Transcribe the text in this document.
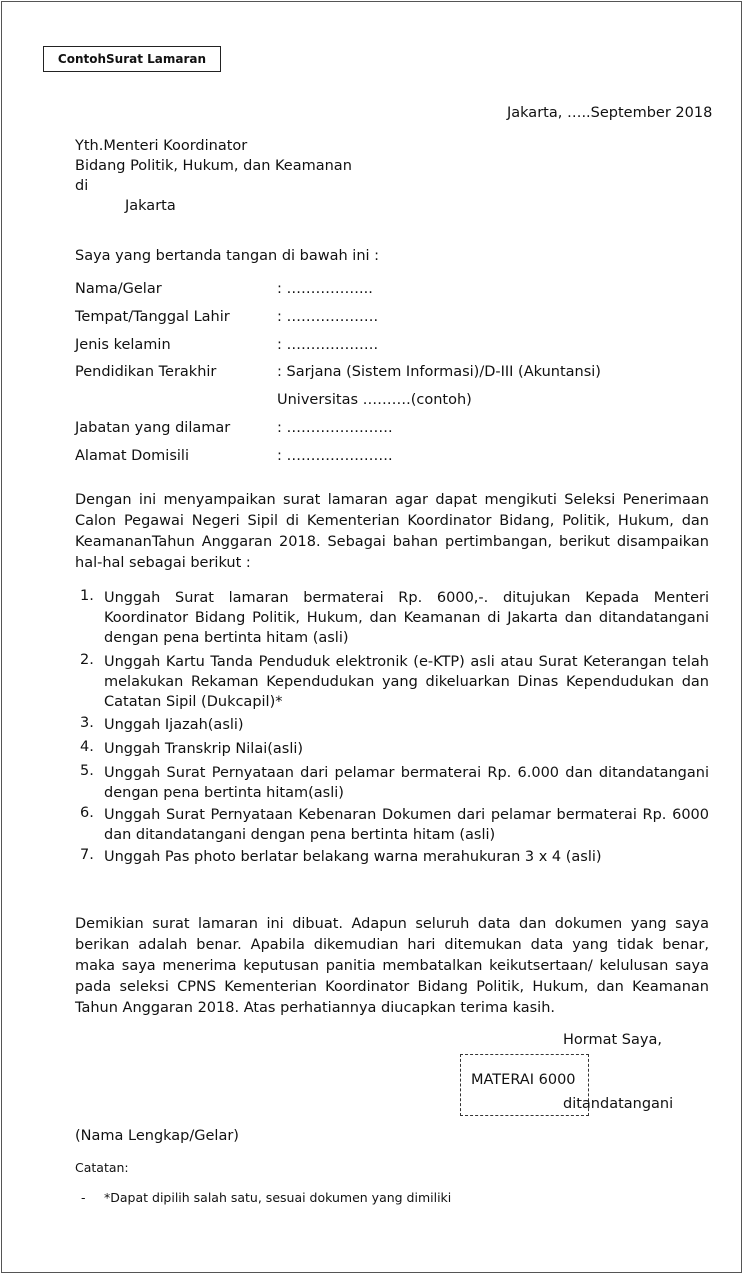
ContohSurat Lamaran
Jakarta, …..September 2018
Yth.Menteri Koordinator
Bidang Politik, Hukum, dan Keamanan
di
Jakarta
Saya yang bertanda tangan di bawah ini :
Nama/Gelar	: ……………...
Tempat/Tanggal Lahir	: ……………….
Jenis kelamin	: ……………….
Pendidikan Terakhir	: Sarjana (Sistem Informasi)/D-III (Akuntansi)
Universitas ……….(contoh)
Jabatan yang dilamar	: ………………….
Alamat Domisili	: ………………….
Dengan ini menyampaikan surat lamaran agar dapat mengikuti Seleksi Penerimaan Calon Pegawai Negeri Sipil di Kementerian Koordinator Bidang, Politik, Hukum, dan KeamananTahun Anggaran 2018. Sebagai bahan pertimbangan, berikut disampaikan hal-hal sebagai berikut :
1. Unggah Surat lamaran bermaterai Rp. 6000,-. ditujukan Kepada Menteri Koordinator Bidang Politik, Hukum, dan Keamanan di Jakarta dan ditandatangani dengan pena bertinta hitam (asli)
2. Unggah Kartu Tanda Penduduk elektronik (e-KTP) asli atau Surat Keterangan telah melakukan Rekaman Kependudukan yang dikeluarkan Dinas Kependudukan dan Catatan Sipil (Dukcapil)*
3. Unggah Ijazah(asli)
4. Unggah Transkrip Nilai(asli)
5. Unggah Surat Pernyataan dari pelamar bermaterai Rp. 6.000 dan ditandatangani dengan pena bertinta hitam(asli)
6. Unggah Surat Pernyataan Kebenaran Dokumen dari pelamar bermaterai Rp. 6000 dan ditandatangani dengan pena bertinta hitam (asli)
7. Unggah Pas photo berlatar belakang warna merahukuran 3 x 4 (asli)
Demikian surat lamaran ini dibuat. Adapun seluruh data dan dokumen yang saya berikan adalah benar. Apabila dikemudian hari ditemukan data yang tidak benar, maka saya menerima keputusan panitia membatalkan keikutsertaan/ kelulusan saya pada seleksi CPNS Kementerian Koordinator Bidang Politik, Hukum, dan Keamanan Tahun Anggaran 2018. Atas perhatiannya diucapkan terima kasih.
Hormat Saya,
MATERAI 6000
ditandatangani
(Nama Lengkap/Gelar)
Catatan:
- *Dapat dipilih salah satu, sesuai dokumen yang dimiliki
